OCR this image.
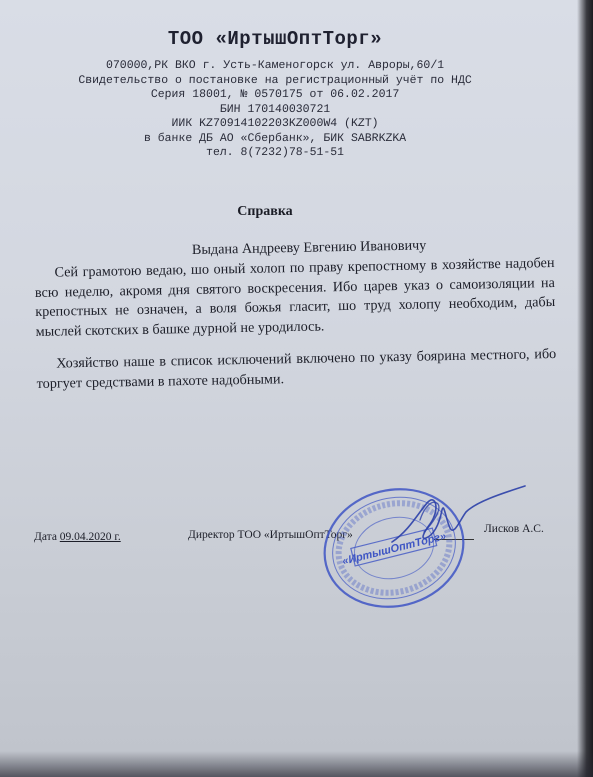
ТОО «ИртышОптТорг»
070000,РК ВКО г. Усть-Каменогорск ул. Авроры,60/1
Свидетельство о постановке на регистрационный учёт по НДС
Серия 18001, № 0570175 от 06.02.2017
БИН 170140030721
ИИК KZ70914102203KZ000W4 (KZT)
в банке ДБ АО «Сбербанк», БИК SABRKZKA
тел. 8(7232)78-51-51
Справка
Выдана Андрееву Евгению Ивановичу

Сей грамотою ведаю, шо оный холоп по праву крепостному в хозяйстве надобен всю неделю, акромя дня святого воскресения. Ибо царев указ о самоизоляции на крепостных не означен, а воля божья гласит, шо труд холопу необходим, дабы мыслей скотских в башке дурной не уродилось.

Хозяйство наше в список исключений включено по указу боярина местного, ибо торгует средствами в пахоте надобными.

Дата 09.04.2020 г.	Директор ТОО «ИртышОптТорг»	Лисков А.С.
«ИртышОптТорг»
